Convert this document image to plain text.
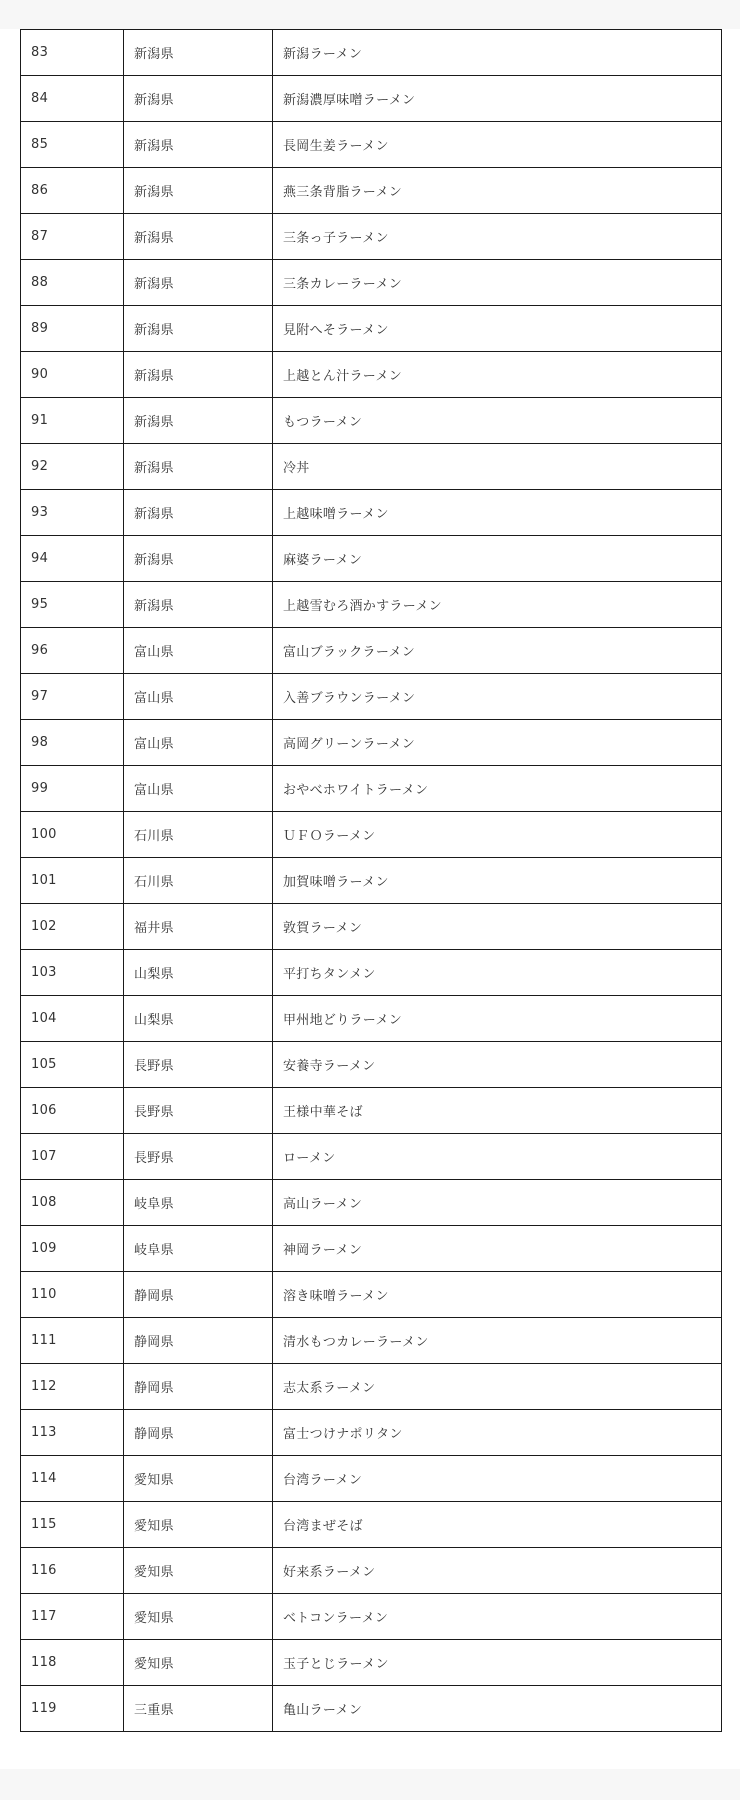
83	新潟県	新潟ラーメン
84	新潟県	新潟濃厚味噌ラーメン
85	新潟県	長岡生姜ラーメン
86	新潟県	燕三条背脂ラーメン
87	新潟県	三条っ子ラーメン
88	新潟県	三条カレーラーメン
89	新潟県	見附へそラーメン
90	新潟県	上越とん汁ラーメン
91	新潟県	もつラーメン
92	新潟県	冷丼
93	新潟県	上越味噌ラーメン
94	新潟県	麻婆ラーメン
95	新潟県	上越雪むろ酒かすラーメン
96	富山県	富山ブラックラーメン
97	富山県	入善ブラウンラーメン
98	富山県	高岡グリーンラーメン
99	富山県	おやべホワイトラーメン
100	石川県	ＵＦＯラーメン
101	石川県	加賀味噌ラーメン
102	福井県	敦賀ラーメン
103	山梨県	平打ちタンメン
104	山梨県	甲州地どりラーメン
105	長野県	安養寺ラーメン
106	長野県	王様中華そば
107	長野県	ローメン
108	岐阜県	高山ラーメン
109	岐阜県	神岡ラーメン
110	静岡県	溶き味噌ラーメン
111	静岡県	清水もつカレーラーメン
112	静岡県	志太系ラーメン
113	静岡県	富士つけナポリタン
114	愛知県	台湾ラーメン
115	愛知県	台湾まぜそば
116	愛知県	好来系ラーメン
117	愛知県	ベトコンラーメン
118	愛知県	玉子とじラーメン
119	三重県	亀山ラーメン
